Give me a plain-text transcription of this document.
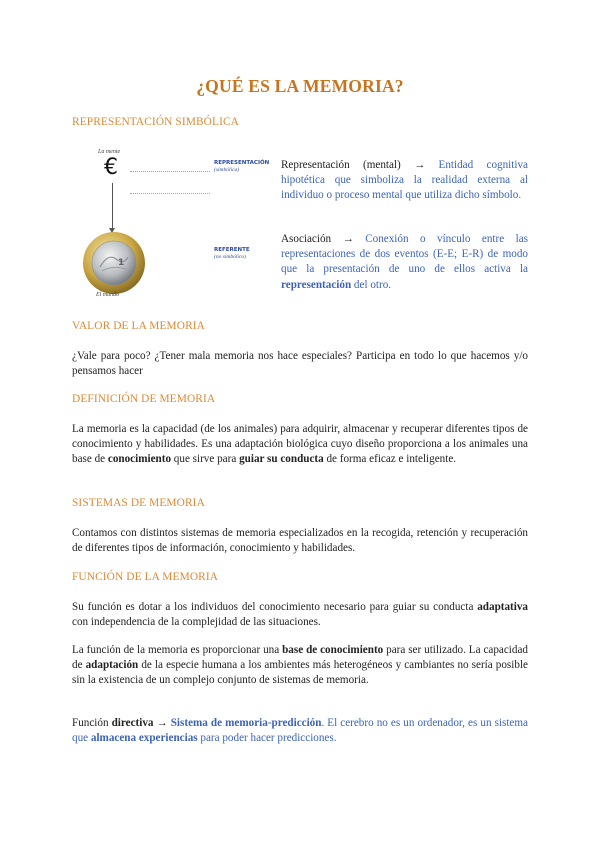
¿QUÉ ES LA MEMORIA?
REPRESENTACIÓN SIMBÓLICA
La mente
€
1
El mundo
REPRESENTACIÓN
(simbólica)
REFERENTE
(no simbólico)

Representación (mental) → Entidad cognitiva hipotética que simboliza la realidad externa al individuo o proceso mental que utiliza dicho símbolo.

Asociación → Conexión o vínculo entre las representaciones de dos eventos (E-E; E-R) de modo que la presentación de uno de ellos activa la representación del otro.

VALOR DE LA MEMORIA

¿Vale para poco? ¿Tener mala memoria nos hace especiales? Participa en todo lo que hacemos y/o pensamos hacer

DEFINICIÓN DE MEMORIA

La memoria es la capacidad (de los animales) para adquirir, almacenar y recuperar diferentes tipos de conocimiento y habilidades. Es una adaptación biológica cuyo diseño proporciona a los animales una base de conocimiento que sirve para guiar su conducta de forma eficaz e inteligente.

SISTEMAS DE MEMORIA

Contamos con distintos sistemas de memoria especializados en la recogida, retención y recuperación de diferentes tipos de información, conocimiento y habilidades.

FUNCIÓN DE LA MEMORIA

Su función es dotar a los individuos del conocimiento necesario para guiar su conducta adaptativa con independencia de la complejidad de las situaciones.

La función de la memoria es proporcionar una base de conocimiento para ser utilizado. La capacidad de adaptación de la especie humana a los ambientes más heterogéneos y cambiantes no sería posible sin la existencia de un complejo conjunto de sistemas de memoria.

Función directiva → Sistema de memoria-predicción. El cerebro no es un ordenador, es un sistema que almacena experiencias para poder hacer predicciones.
